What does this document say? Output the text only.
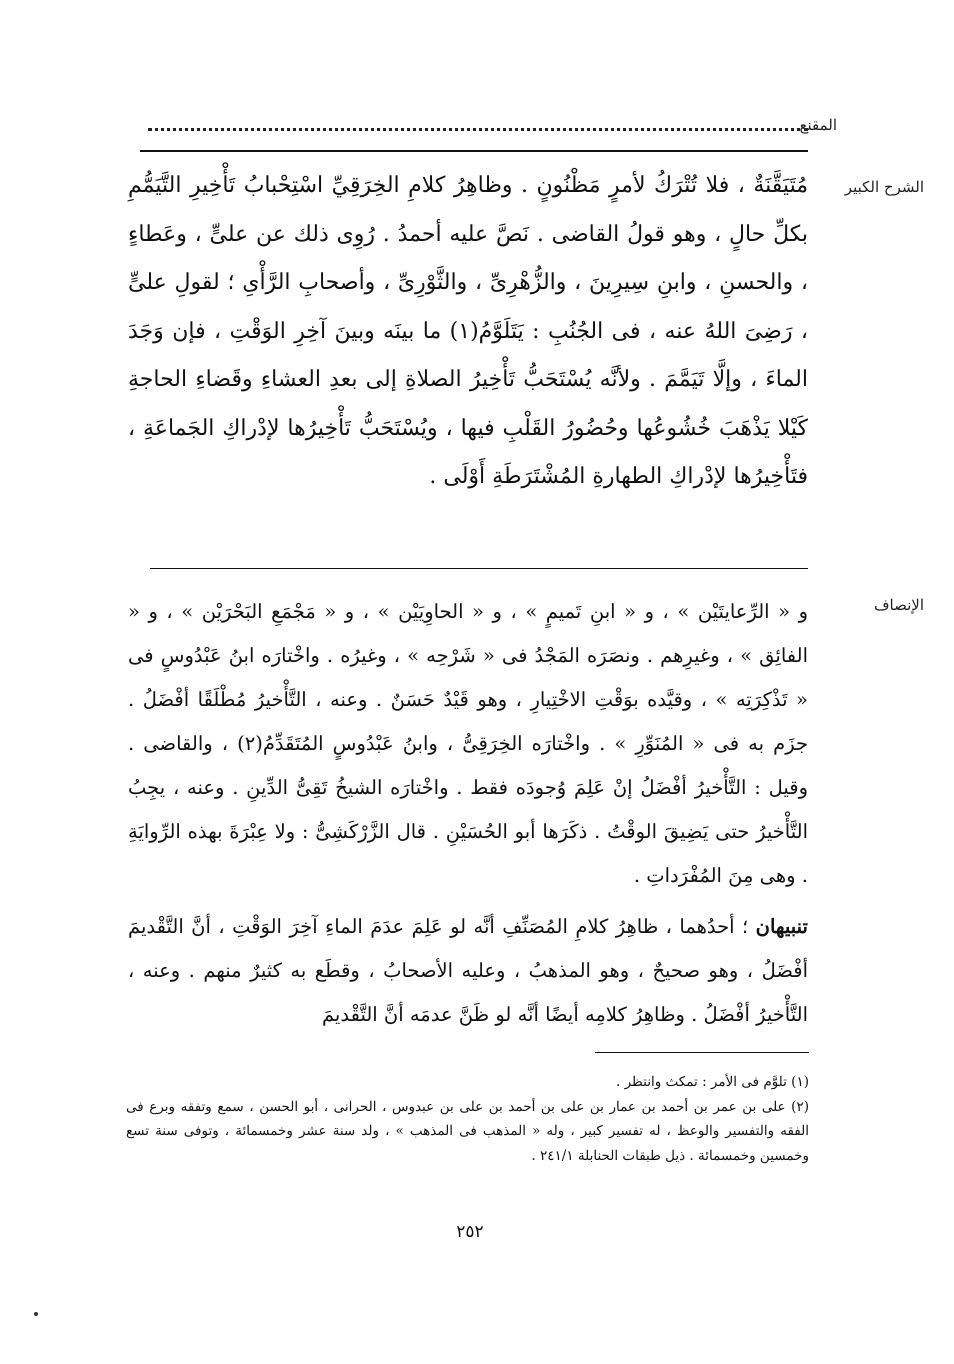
المقنع
الشرح الكبير

مُتَيَقَّنَةٌ ، فلا تُتْرَكُ لأمرٍ مَظْنُونٍ . وظاهِرُ كلامِ الخِرَقِيِّ اسْتِحْبابُ تَأْخِيرِ التَّيَمُّمِ بكلِّ حالٍ ، وهو قولُ القاضى . نَصَّ عليه أحمدُ . رُوِى ذلك عن علىٍّ ، وعَطاءٍ ، والحسنِ ، وابنِ سِيرِينَ ، والزُّهْرِىِّ ، والثَّوْرِىِّ ، وأصحابِ الرَّأْىِ ؛ لقولِ علىٍّ ، رَضِىَ اللهُ عنه ، فى الجُنُبِ : يَتَلَوَّمُ(١) ما بينَه وبينَ آخِرِ الوَقْتِ ، فإن وَجَدَ الماءَ ، وإلَّا تَيَمَّمَ . ولأنَّه يُسْتَحَبُّ تَأْخِيرُ الصلاةِ إلى بعدِ العشاءِ وقَضاءِ الحاجةِ كَيْلا يَذْهَبَ خُشُوعُها وحُضُورُ القَلْبِ فيها ، ويُسْتَحَبُّ تَأْخِيرُها لإدْراكِ الجَماعَةِ ، فتَأْخِيرُها لإدْراكِ الطهارةِ المُشْتَرَطَةِ أَوْلَى .

الإنصاف

و « الرِّعايتَيْن » ، و « ابنِ تَميمٍ » ، و « الحاوِيَيْن » ، و « مَجْمَعِ البَحْرَيْن » ، و « الفائِق » ، وغيرِهم . ونصَرَه المَجْدُ فى « شَرْحِه » ، وغيرُه . واخْتارَه ابنُ عَبْدُوسٍ فى « تَذْكِرَتِه » ، وقيَّده بوَقْتِ الاخْتِيارِ ، وهو قَيْدٌ حَسَنٌ . وعنه ، التَّأْخيرُ مُطْلَقًا أفْضَلُ . جزَم به فى « المُنَوِّرِ » . واخْتارَه الخِرَقِىُّ ، وابنُ عَبْدُوسٍ المُتَقَدِّمُ(٢) ، والقاضى . وقيل : التَّأْخيرُ أفْضَلُ إنْ عَلِمَ وُجودَه فقط . واخْتارَه الشيخُ تَقِىُّ الدِّينِ . وعنه ، يجِبُ التَّأْخيرُ حتى يَضِيقَ الوقْتُ . ذكَرَها أبو الحُسَيْنِ . قال الزَّرْكَشِىُّ : ولا عِبْرَةَ بهذه الرِّوايَةِ . وهى مِنَ المُفْرَداتِ .

تنبيهان ؛ أحدُهما ، ظاهِرُ كلامِ المُصَنِّفِ أنَّه لو عَلِمَ عدَمَ الماءِ آخِرَ الوَقْتِ ، أنَّ التَّقْديمَ أفْضَلُ ، وهو صحيحٌ ، وهو المذهبُ ، وعليه الأصحابُ ، وقطَع به كثيرٌ منهم . وعنه ، التَّأْخيرُ أفْضَلُ . وظاهِرُ كلامِه أيضًا أنَّه لو ظَنَّ عدمَه أنَّ التَّقْديمَ

(١) تلوَّم فى الأمر : تمكث وانتظر .

(٢) على بن عمر بن أحمد بن عمار بن على بن أحمد بن على بن عبدوس ، الحرانى ، أبو الحسن ، سمع وتفقه وبرع فى الفقه والتفسير والوعظ ، له تفسير كبير ، وله « المذهب فى المذهب » ، ولد سنة عشر وخمسمائة ، وتوفى سنة تسع وخمسين وخمسمائة . ذيل طبقات الحنابلة ٢٤١/١ .

٢٥٢
